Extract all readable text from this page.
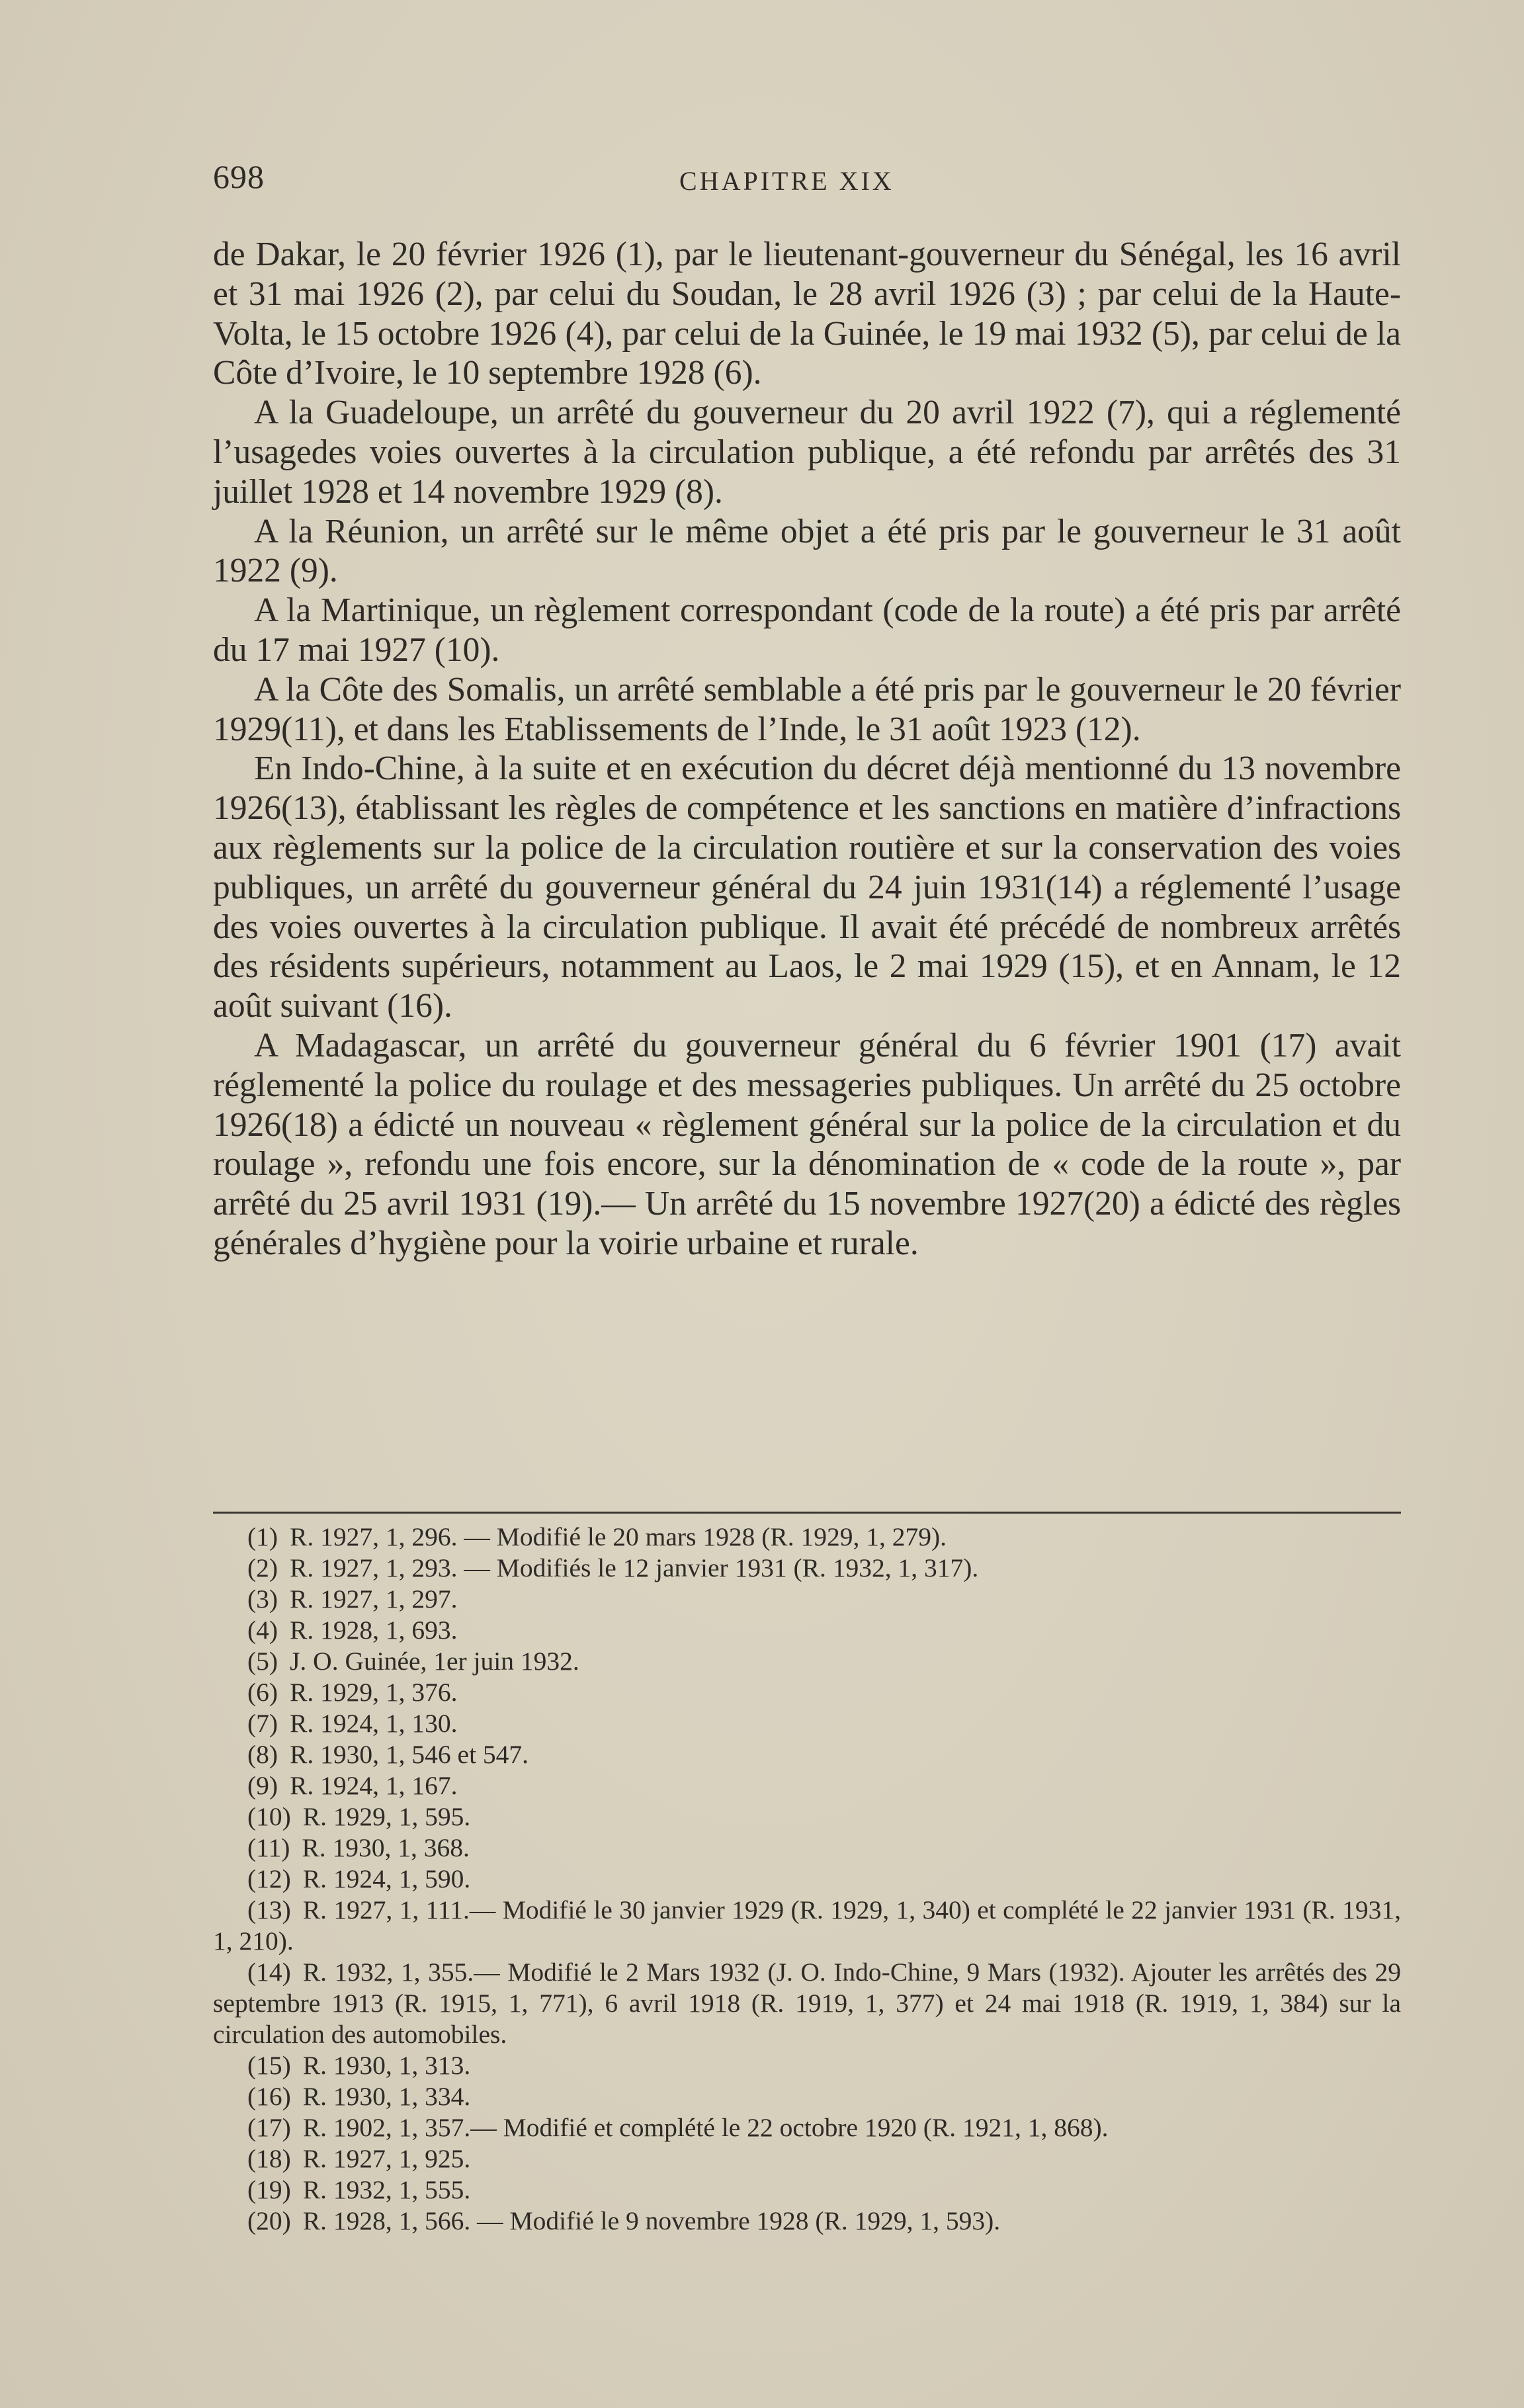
698	CHAPITRE XIX

de Dakar, le 20 février 1926 (1), par le lieutenant-gouverneur du Sénégal, les 16 avril et 31 mai 1926 (2), par celui du Soudan, le 28 avril 1926 (3) ; par celui de la Haute-Volta, le 15 octobre 1926 (4), par celui de la Guinée, le 19 mai 1932 (5), par celui de la Côte d’Ivoire, le 10 septembre 1928 (6).

A la Guadeloupe, un arrêté du gouverneur du 20 avril 1922 (7), qui a réglementé l’usagedes voies ouvertes à la circulation publique, a été refondu par arrêtés des 31 juillet 1928 et 14 novembre 1929 (8).

A la Réunion, un arrêté sur le même objet a été pris par le gouverneur le 31 août 1922 (9).

A la Martinique, un règlement correspondant (code de la route) a été pris par arrêté du 17 mai 1927 (10).

A la Côte des Somalis, un arrêté semblable a été pris par le gouverneur le 20 février 1929(11), et dans les Etablissements de l’Inde, le 31 août 1923 (12).

En Indo-Chine, à la suite et en exécution du décret déjà mentionné du 13 novembre 1926(13), établissant les règles de compétence et les sanctions en matière d’infractions aux règlements sur la police de la circulation routière et sur la conservation des voies publiques, un arrêté du gouverneur général du 24 juin 1931(14) a réglementé l’usage des voies ouvertes à la circulation publique. Il avait été précédé de nombreux arrêtés des résidents supérieurs, notamment au Laos, le 2 mai 1929 (15), et en Annam, le 12 août suivant (16).

A Madagascar, un arrêté du gouverneur général du 6 février 1901 (17) avait réglementé la police du roulage et des messageries publiques. Un arrêté du 25 octobre 1926(18) a édicté un nouveau « règlement général sur la police de la circulation et du roulage », refondu une fois encore, sur la dénomination de « code de la route », par arrêté du 25 avril 1931 (19).— Un arrêté du 15 novembre 1927(20) a édicté des règles générales d’hygiène pour la voirie urbaine et rurale.

(1) R. 1927, 1, 296. — Modifié le 20 mars 1928 (R. 1929, 1, 279).

(2) R. 1927, 1, 293. — Modifiés le 12 janvier 1931 (R. 1932, 1, 317).

(3) R. 1927, 1, 297.

(4) R. 1928, 1, 693.

(5) J. O. Guinée, 1er juin 1932.

(6) R. 1929, 1, 376.

(7) R. 1924, 1, 130.

(8) R. 1930, 1, 546 et 547.

(9) R. 1924, 1, 167.

(10) R. 1929, 1, 595.

(11) R. 1930, 1, 368.

(12) R. 1924, 1, 590.

(13) R. 1927, 1, 111.— Modifié le 30 janvier 1929 (R. 1929, 1, 340) et complété le 22 janvier 1931 (R. 1931, 1, 210).

(14) R. 1932, 1, 355.— Modifié le 2 Mars 1932 (J. O. Indo-Chine, 9 Mars (1932). Ajouter les arrêtés des 29 septembre 1913 (R. 1915, 1, 771), 6 avril 1918 (R. 1919, 1, 377) et 24 mai 1918 (R. 1919, 1, 384) sur la circulation des automobiles.

(15) R. 1930, 1, 313.

(16) R. 1930, 1, 334.

(17) R. 1902, 1, 357.— Modifié et complété le 22 octobre 1920 (R. 1921, 1, 868).

(18) R. 1927, 1, 925.

(19) R. 1932, 1, 555.

(20) R. 1928, 1, 566. — Modifié le 9 novembre 1928 (R. 1929, 1, 593).
